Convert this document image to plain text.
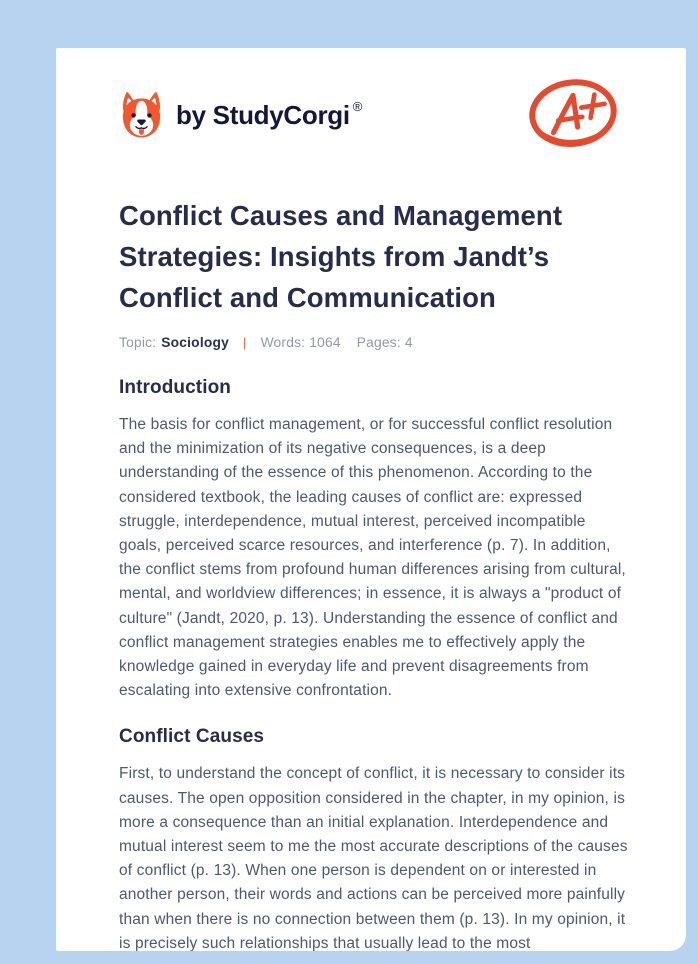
by StudyCorgi ®
Conflict Causes and Management Strategies: Insights from Jandt’s Conflict and Communication
Topic: Sociology | Words: 1064 Pages: 4
Introduction

The basis for conflict management, or for successful conflict resolution and the minimization of its negative consequences, is a deep understanding of the essence of this phenomenon. According to the considered textbook, the leading causes of conflict are: expressed struggle, interdependence, mutual interest, perceived incompatible goals, perceived scarce resources, and interference (p. 7). In addition, the conflict stems from profound human differences arising from cultural, mental, and worldview differences; in essence, it is always a "product of culture" (Jandt, 2020, p. 13). Understanding the essence of conflict and conflict management strategies enables me to effectively apply the knowledge gained in everyday life and prevent disagreements from escalating into extensive confrontation.

Conflict Causes

First, to understand the concept of conflict, it is necessary to consider its causes. The open opposition considered in the chapter, in my opinion, is more a consequence than an initial explanation. Interdependence and mutual interest seem to me the most accurate descriptions of the causes of conflict (p. 13). When one person is dependent on or interested in another person, their words and actions can be perceived more painfully than when there is no connection between them (p. 13). In my opinion, it is precisely such relationships that usually lead to the most
